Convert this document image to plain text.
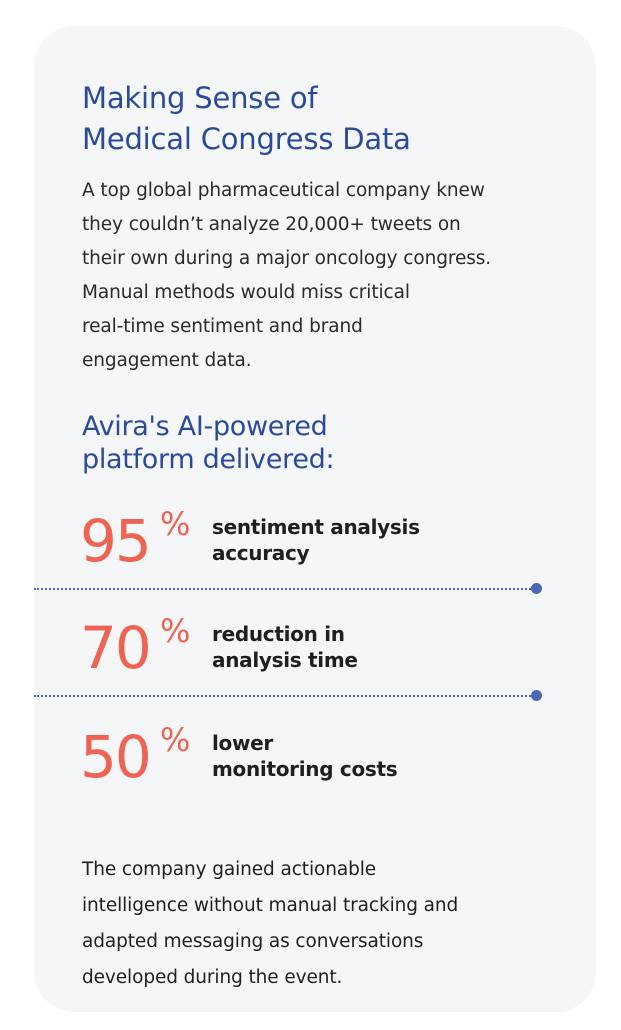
Making Sense of
Medical Congress Data

A top global pharmaceutical company knew
they couldn’t analyze 20,000+ tweets on
their own during a major oncology congress.
Manual methods would miss critical
real-time sentiment and brand
engagement data.

Avira's AI-powered
platform delivered:
95 % sentiment analysis
accuracy
70 % reduction in
analysis time
50 % lower
monitoring costs

The company gained actionable
intelligence without manual tracking and
adapted messaging as conversations
developed during the event.
